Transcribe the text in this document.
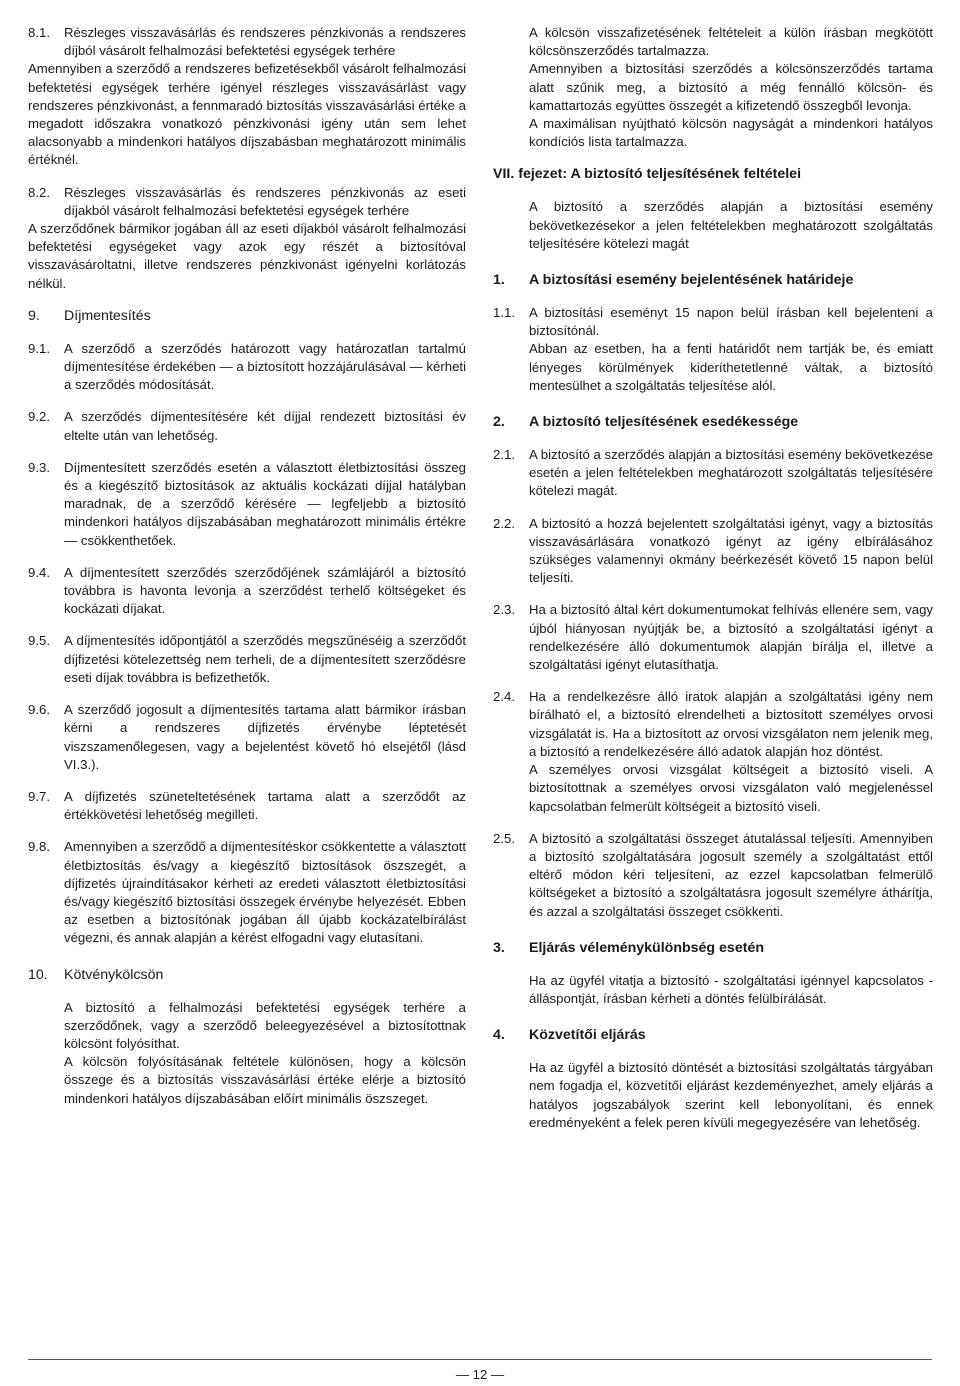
8.1.	Részleges visszavásárlás és rendszeres pénzkivonás a rendszeres díjból vásárolt felhalmozási befektetési egységek terhére

Amennyiben a szerződő a rendszeres befizetésekből vásárolt felhalmozási befektetési egységek terhére igényel részleges visszavásárlást vagy rendszeres pénzkivonást, a fennmaradó biztosítás visszavásárlási értéke a megadott időszakra vonatkozó pénzkivonási igény után sem lehet alacsonyabb a mindenkori hatályos díjszabásban meghatározott minimális értéknél.

8.2.	Részleges visszavásárlás és rendszeres pénzkivonás az eseti díjakból vásárolt felhalmozási befektetési egységek terhére

A szerződőnek bármikor jogában áll az eseti díjakból vásárolt felhalmozási befektetési egységeket vagy azok egy részét a biztosítóval visszavásároltatni, illetve rendszeres pénzkivonást igényelni korlátozás nélkül.

9.	Díjmentesítés
9.1.	A szerződő a szerződés határozott vagy határozatlan tartalmú díjmentesítése érdekében — a biztosított hozzájárulásával — kérheti a szerződés módosítását.

9.2.	A szerződés díjmentesítésére két díjjal rendezett biztosítási év eltelte után van lehetőség.

9.3.	Díjmentesített szerződés esetén a választott életbiztosítási összeg és a kiegészítő biztosítások az aktuális kockázati díjjal hatályban maradnak, de a szerződő kérésére — legfeljebb a biztosító mindenkori hatályos díjszabásában meghatározott minimális értékre — csökkenthetőek.

9.4.	A díjmentesített szerződés szerződőjének számlájáról a biztosító továbbra is havonta levonja a szerződést terhelő költségeket és kockázati díjakat.

9.5.	A díjmentesítés időpontjától a szerződés megszűnéséig a szerződőt díjfizetési kötelezettség nem terheli, de a díjmentesített szerződésre eseti díjak továbbra is befizethetők.

9.6.	A szerződő jogosult a díjmentesítés tartama alatt bármikor írásban kérni a rendszeres díjfizetés érvénybe léptetését viszszamenőlegesen, vagy a bejelentést követő hó elsejétől (lásd VI.3.).

9.7.	A díjfizetés szüneteltetésének tartama alatt a szerződőt az értékkövetési lehetőség megilleti.

9.8.	Amennyiben a szerződő a díjmentesítéskor csökkentette a választott életbiztosítás és/vagy a kiegészítő biztosítások öszszegét, a díjfizetés újraindításakor kérheti az eredeti választott életbiztosítási és/vagy kiegészítő biztosítási összegek érvénybe helyezését. Ebben az esetben a biztosítónak jogában áll újabb kockázatelbírálást végezni, és annak alapján a kérést elfogadni vagy elutasítani.

10.	Kötvénykölcsön

A biztosító a felhalmozási befektetési egységek terhére a szerződőnek, vagy a szerződő beleegyezésével a biztosítottnak kölcsönt folyósíthat.

A kölcsön folyósításának feltétele különösen, hogy a kölcsön összege és a biztosítás visszavásárlási értéke elérje a biztosító mindenkori hatályos díjszabásában előírt minimális öszszeget.

A kölcsön visszafizetésének feltételeit a külön írásban megkötött kölcsönszerződés tartalmazza.

Amennyiben a biztosítási szerződés a kölcsönszerződés tartama alatt szűnik meg, a biztosító a még fennálló kölcsön- és kamattartozás együttes összegét a kifizetendő összegből levonja.

A maximálisan nyújtható kölcsön nagyságát a mindenkori hatályos kondíciós lista tartalmazza.

VII. fejezet: A biztosító teljesítésének feltételei

A biztosító a szerződés alapján a biztosítási esemény bekövetkezésekor a jelen feltételekben meghatározott szolgáltatás teljesítésére kötelezi magát

1.	A biztosítási esemény bejelentésének határideje
1.1.	A biztosítási eseményt 15 napon belül írásban kell bejelenteni a biztosítónál.

Abban az esetben, ha a fenti határidőt nem tartják be, és emiatt lényeges körülmények kideríthetetlenné váltak, a biztosító mentesülhet a szolgáltatás teljesítése alól.

2.	A biztosító teljesítésének esedékessége
2.1.	A biztosító a szerződés alapján a biztosítási esemény bekövetkezése esetén a jelen feltételekben meghatározott szolgáltatás teljesítésére kötelezi magát.

2.2.	A biztosító a hozzá bejelentett szolgáltatási igényt, vagy a biztosítás visszavásárlására vonatkozó igényt az igény elbírálásához szükséges valamennyi okmány beérkezését követő 15 napon belül teljesíti.

2.3.	Ha a biztosító által kért dokumentumokat felhívás ellenére sem, vagy újból hiányosan nyújtják be, a biztosító a szolgáltatási igényt a rendelkezésére álló dokumentumok alapján bírálja el, illetve a szolgáltatási igényt elutasíthatja.

2.4.	Ha a rendelkezésre álló iratok alapján a szolgáltatási igény nem bírálható el, a biztosító elrendelheti a biztosított személyes orvosi vizsgálatát is. Ha a biztosított az orvosi vizsgálaton nem jelenik meg, a biztosító a rendelkezésére álló adatok alapján hoz döntést.

A személyes orvosi vizsgálat költségeit a biztosító viseli. A biztosítottnak a személyes orvosi vizsgálaton való megjelenéssel kapcsolatban felmerült költségeit a biztosító viseli.

2.5.	A biztosító a szolgáltatási összeget átutalással teljesíti. Amennyiben a biztosító szolgáltatására jogosult személy a szolgáltatást ettől eltérő módon kéri teljesíteni, az ezzel kapcsolatban felmerülő költségeket a biztosító a szolgáltatásra jogosult személyre áthárítja, és azzal a szolgáltatási összeget csökkenti.

3.	Eljárás véleménykülönbség esetén

Ha az ügyfél vitatja a biztosító - szolgáltatási igénnyel kapcsolatos - álláspontját, írásban kérheti a döntés felülbírálását.

4.	Közvetítői eljárás

Ha az ügyfél a biztosító döntését a biztosítási szolgáltatás tárgyában nem fogadja el, közvetítői eljárást kezdeményezhet, amely eljárás a hatályos jogszabályok szerint kell lebonyolítani, és ennek eredményeként a felek peren kívüli megegyezésére van lehetőség.

— 12 —
